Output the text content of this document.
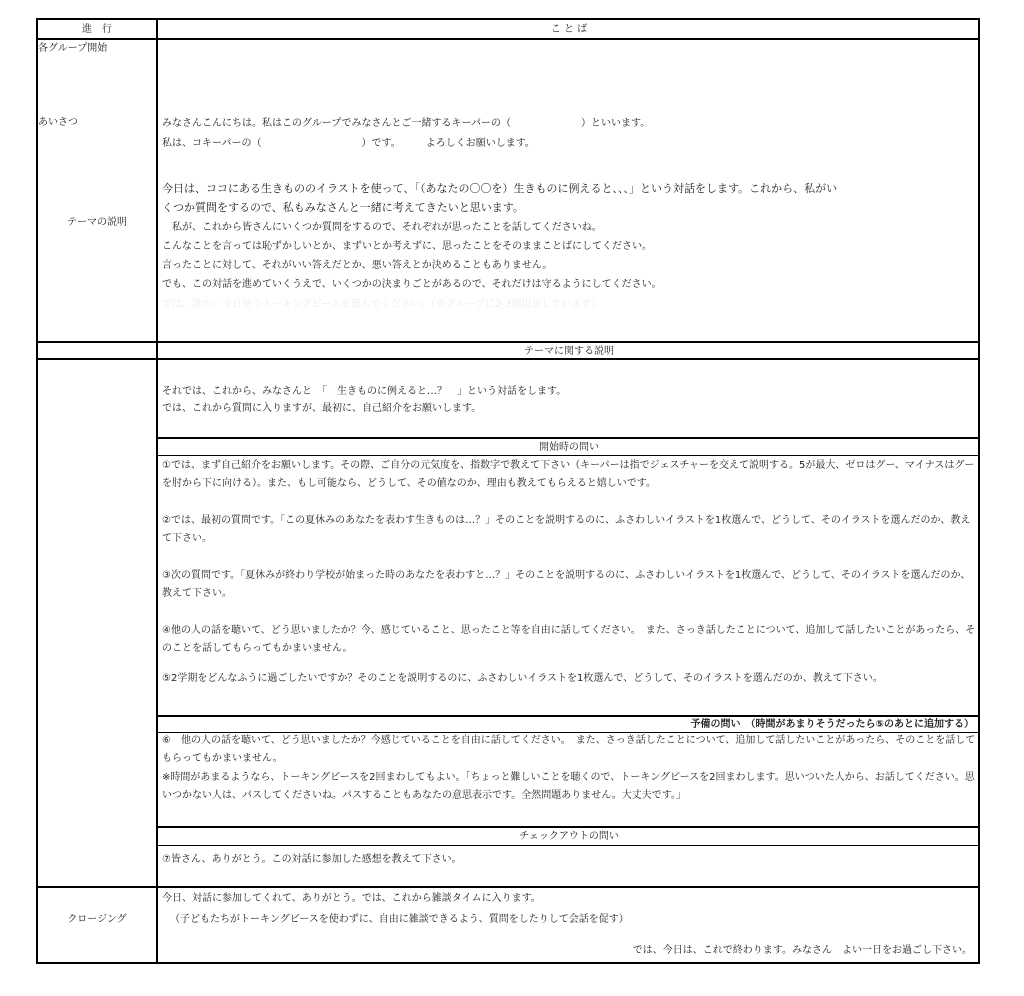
進　行	こ と ば
各グループ開始
あいさつ
テーマの説明
クロージング
みなさんこんにちは。私はこのグループでみなさんとご一緒するキーパーの（　　　　　　　）といいます。
私は、コキーパーの（　　　　　　　　　　）です。　　　よろしくお願いします。
今日は、ココにある生きもののイラストを使って、「（あなたの〇〇を）生きものに例えると、、、」という対話をします。これから、私がい
くつか質問をするので、私もみなさんと一緒に考えてきたいと思います。
　私が、これから皆さんにいくつか質問をするので、それぞれが思ったことを話してくださいね。
こんなことを言っては恥ずかしいとか、まずいとか考えずに、思ったことをそのままことばにしてください。
言ったことに対して、それがいい答えだとか、悪い答えとか決めることもありません。
でも、この対話を進めていくうえで、いくつかの決まりごとがあるので、それだけは守るようにしてください。
では、誰か、今日使うトーキングピースを選んでください。（各グループに2-3個用意しています）
テーマに関する説明
それでは、これから、みなさんと　「　生きものに例えると…？　」という対話をします。
では、これから質問に入りますが、最初に、自己紹介をお願いします。
開始時の問い
①では、まず自己紹介をお願いします。その際、ご自分の元気度を、指数字で教えて下さい（キーパーは指でジェスチャーを交えて説明する。5が最大、ゼロはグー、マイナスはグーを肘から下に向ける）。また、もし可能なら、どうして、その値なのか、理由も教えてもらえると嬉しいです。
②では、最初の質問です。「この夏休みのあなたを表わす生きものは…？」そのことを説明するのに、ふさわしいイラストを1枚選んで、どうして、そのイラストを選んだのか、教えて下さい。
③次の質問です。「夏休みが終わり学校が始まった時のあなたを表わすと…？」そのことを説明するのに、ふさわしいイラストを1枚選んで、どうして、そのイラストを選んだのか、教えて下さい。
④他の人の話を聴いて、どう思いましたか？今、感じていること、思ったこと等を自由に話してください。　また、さっき話したことについて、追加して話したいことがあったら、そのことを話してもらってもかまいません。
⑤2学期をどんなふうに過ごしたいですか？そのことを説明するのに、ふさわしいイラストを1枚選んで、どうして、そのイラストを選んだのか、教えて下さい。
予備の問い　（時間があまりそうだったら⑤のあとに追加する）
⑥　他の人の話を聴いて、どう思いましたか？今感じていることを自由に話してください。　また、さっき話したことについて、追加して話したいことがあったら、そのことを話してもらってもかまいません。
※時間があまるようなら、トーキングピースを2回まわしてもよい。「ちょっと難しいことを聴くので、トーキングピースを2回まわします。思いついた人から、お話してください。思いつかない人は、パスしてくださいね。パスすることもあなたの意思表示です。全然問題ありません。大丈夫です。」
チェックアウトの問い
⑦皆さん、ありがとう。この対話に参加した感想を教えて下さい。
今日、対話に参加してくれて、ありがとう。では、これから雑談タイムに入ります。
（子どもたちがトーキングピースを使わずに、自由に雑談できるよう、質問をしたりして会話を促す）
では、今日は、これで終わります。みなさん　よい一日をお過ごし下さい。
